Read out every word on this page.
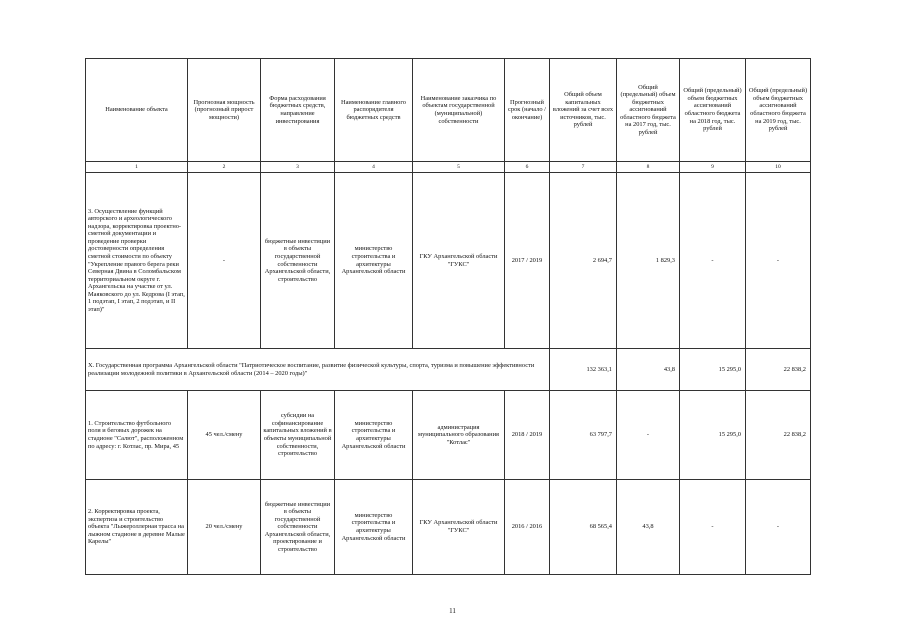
Наименование объекта	Прогнозная мощность (прогнозный прирост мощности)	Форма расходования бюджетных средств, направление инвестирования	Наименование главного распорядителя бюджетных средств	Наименование заказчика по объектам государственной (муниципальной) собственности	Прогнозный срок (начало / окончание)	Общий объем капитальных вложений за счет всех источников, тыс. рублей	Общий (предельный) объем бюджетных ассигнований областного бюджета на 2017 год, тыс. рублей	Общий (предельный) объем бюджетных ассигнований областного бюджета на 2018 год, тыс. рублей	Общий (предельный) объем бюджетных ассигнований областного бюджета на 2019 год, тыс. рублей
1	2	3	4	5	6	7	8	9	10
3. Осуществление функций авторского и археологического надзора, корректировка проектно-сметной документации и проведение проверки достоверности определения сметной стоимости по объекту "Укрепление правого берега реки Северная Двина в Соломбальском территориальном округе г. Архангельска на участке от ул. Маяковского до ул. Кедрова (I этап, 1 подэтап, I этап, 2 подэтап, и II этап)"	-	бюджетные инвестиции в объекты государственной собственности Архангельской области, строительство	министерство строительства и архитектуры Архангельской области	ГКУ Архангельской области "ГУКС"	2017 / 2019	2 694,7	1 829,3	-	-
X. Государственная программа Архангельской области "Патриотическое воспитание, развитие физической культуры, спорта, туризма и повышение эффективности реализации молодежной политики в Архангельской области (2014 – 2020 годы)"						132 363,1	43,8	15 295,0	22 838,2
1. Строительство футбольного поля и беговых дорожек на стадионе "Салют", расположенном по адресу: г. Котлас, пр. Мира, 45	45 чел./смену	субсидии на софинансирование капитальных вложений в объекты муниципальной собственности, строительство	министерство строительства и архитектуры Архангельской области	администрация муниципального образования "Котлас"	2018 / 2019	63 797,7	-	15 295,0	22 838,2
2. Корректировка проекта, экспертиза и строительство объекта "Лыжероллерная трасса на лыжном стадионе в деревне Малые Карелы"	20 чел./смену	бюджетные инвестиции в объекты государственной собственности Архангельской области, проектирование и строительство	министерство строительства и архитектуры Архангельской области	ГКУ Архангельской области "ГУКС"	2016 / 2016	68 565,4	43,8	-	-
11
